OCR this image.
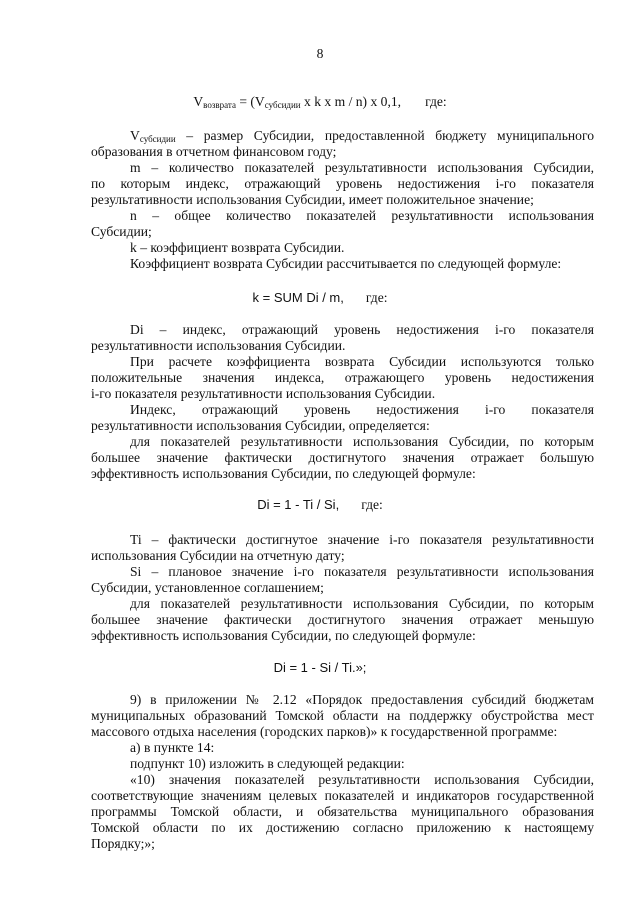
8
$V_{возврата} = (V_{субсидии}$ x k x m / n) x 0,1, где:
$V_{субсидии}$ – размер Субсидии, предоставленной бюджету муниципального
образования в отчетном финансовом году;
m – количество показателей результативности использования Субсидии,
по которым индекс, отражающий уровень недостижения i-го показателя
результативности использования Субсидии, имеет положительное значение;
n – общее количество показателей результативности использования
Субсидии;
k – коэффициент возврата Субсидии.
Коэффициент возврата Субсидии рассчитывается по следующей формуле:
k = SUM Di / m, где:
Di – индекс, отражающий уровень недостижения i-го показателя
результативности использования Субсидии.
При расчете коэффициента возврата Субсидии используются только
положительные значения индекса, отражающего уровень недостижения
i-го показателя результативности использования Субсидии.
Индекс, отражающий уровень недостижения i-го показателя
результативности использования Субсидии, определяется:
для показателей результативности использования Субсидии, по которым
большее значение фактически достигнутого значения отражает большую
эффективность использования Субсидии, по следующей формуле:
Di = 1 - Ti / Si, где:
Ti – фактически достигнутое значение i-го показателя результативности
использования Субсидии на отчетную дату;
Si – плановое значение i-го показателя результативности использования
Субсидии, установленное соглашением;
для показателей результативности использования Субсидии, по которым
большее значение фактически достигнутого значения отражает меньшую
эффективность использования Субсидии, по следующей формуле:
Di = 1 - Si / Ti.»;
9) в приложении № 2.12 «Порядок предоставления субсидий бюджетам
муниципальных образований Томской области на поддержку обустройства мест
массового отдыха населения (городских парков)» к государственной программе:
а) в пункте 14:
подпункт 10) изложить в следующей редакции:
«10) значения показателей результативности использования Субсидии,
соответствующие значениям целевых показателей и индикаторов государственной
программы Томской области, и обязательства муниципального образования
Томской области по их достижению согласно приложению к настоящему
Порядку;»;
